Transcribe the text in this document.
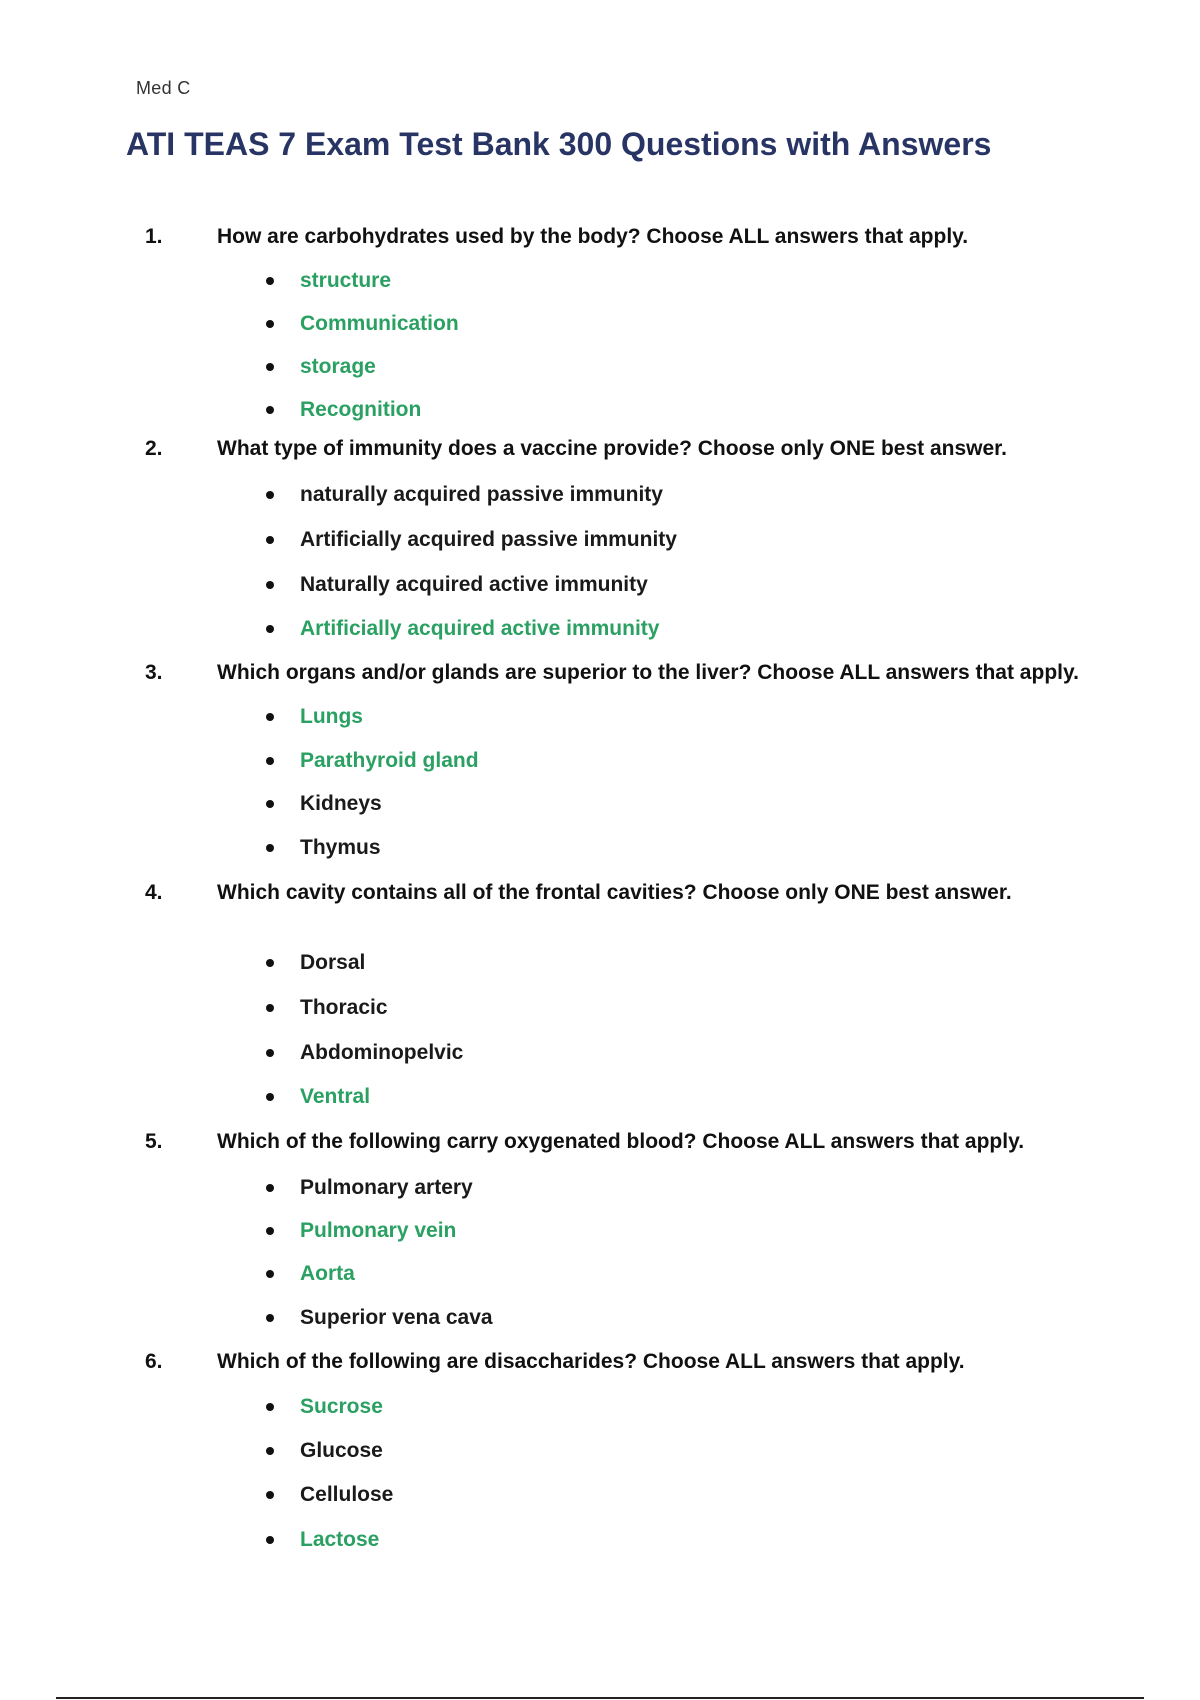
Med C
ATI TEAS 7 Exam Test Bank 300 Questions with Answers
1.	How are carbohydrates used by the body? Choose ALL answers that apply.
structure
Communication
storage
Recognition
2.	What type of immunity does a vaccine provide? Choose only ONE best answer.
naturally acquired passive immunity
Artificially acquired passive immunity
Naturally acquired active immunity
Artificially acquired active immunity
3.	Which organs and/or glands are superior to the liver? Choose ALL answers that apply.
Lungs
Parathyroid gland
Kidneys
Thymus
4.	Which cavity contains all of the frontal cavities? Choose only ONE best answer.
Dorsal
Thoracic
Abdominopelvic
Ventral
5.	Which of the following carry oxygenated blood? Choose ALL answers that apply.
Pulmonary artery
Pulmonary vein
Aorta
Superior vena cava
6.	Which of the following are disaccharides? Choose ALL answers that apply.
Sucrose
Glucose
Cellulose
Lactose
